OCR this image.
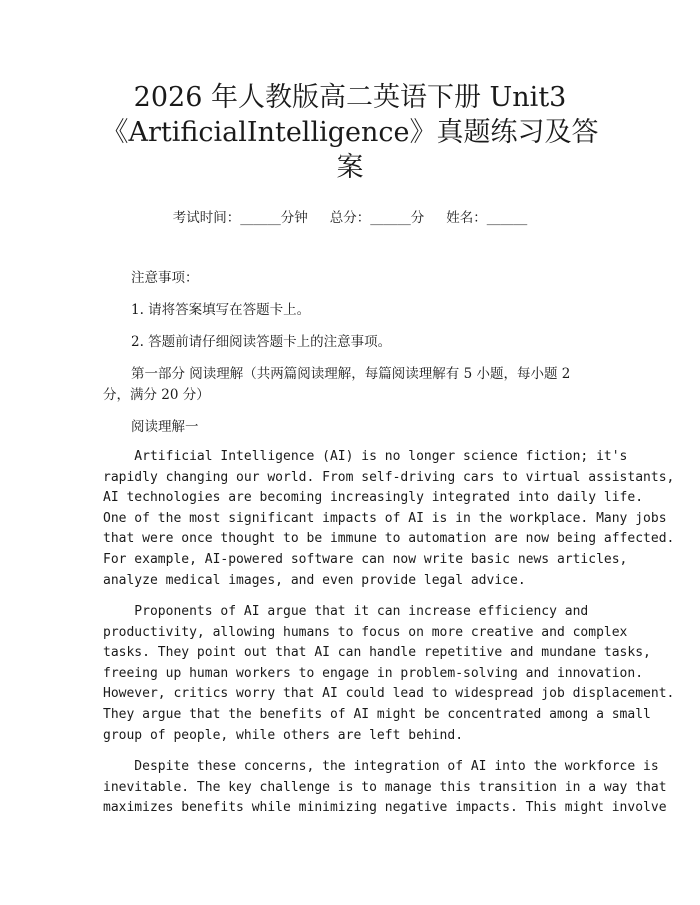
2026 年人教版高二英语下册 Unit3
《ArtificialIntelligence》真题练习及答
案
考试时间：______分钟 总分：______分 姓名：______
注意事项：
1. 请将答案填写在答题卡上。
2. 答题前请仔细阅读答题卡上的注意事项。
第一部分 阅读理解（共两篇阅读理解，每篇阅读理解有 5 小题，每小题 2
分，满分 20 分）
阅读理解一
Artificial Intelligence (AI) is no longer science fiction; it's
rapidly changing our world. From self-driving cars to virtual assistants,
AI technologies are becoming increasingly integrated into daily life.
One of the most significant impacts of AI is in the workplace. Many jobs
that were once thought to be immune to automation are now being affected.
For example, AI-powered software can now write basic news articles,
analyze medical images, and even provide legal advice.
Proponents of AI argue that it can increase efficiency and
productivity, allowing humans to focus on more creative and complex
tasks. They point out that AI can handle repetitive and mundane tasks,
freeing up human workers to engage in problem-solving and innovation.
However, critics worry that AI could lead to widespread job displacement.
They argue that the benefits of AI might be concentrated among a small
group of people, while others are left behind.
Despite these concerns, the integration of AI into the workforce is
inevitable. The key challenge is to manage this transition in a way that
maximizes benefits while minimizing negative impacts. This might involve
